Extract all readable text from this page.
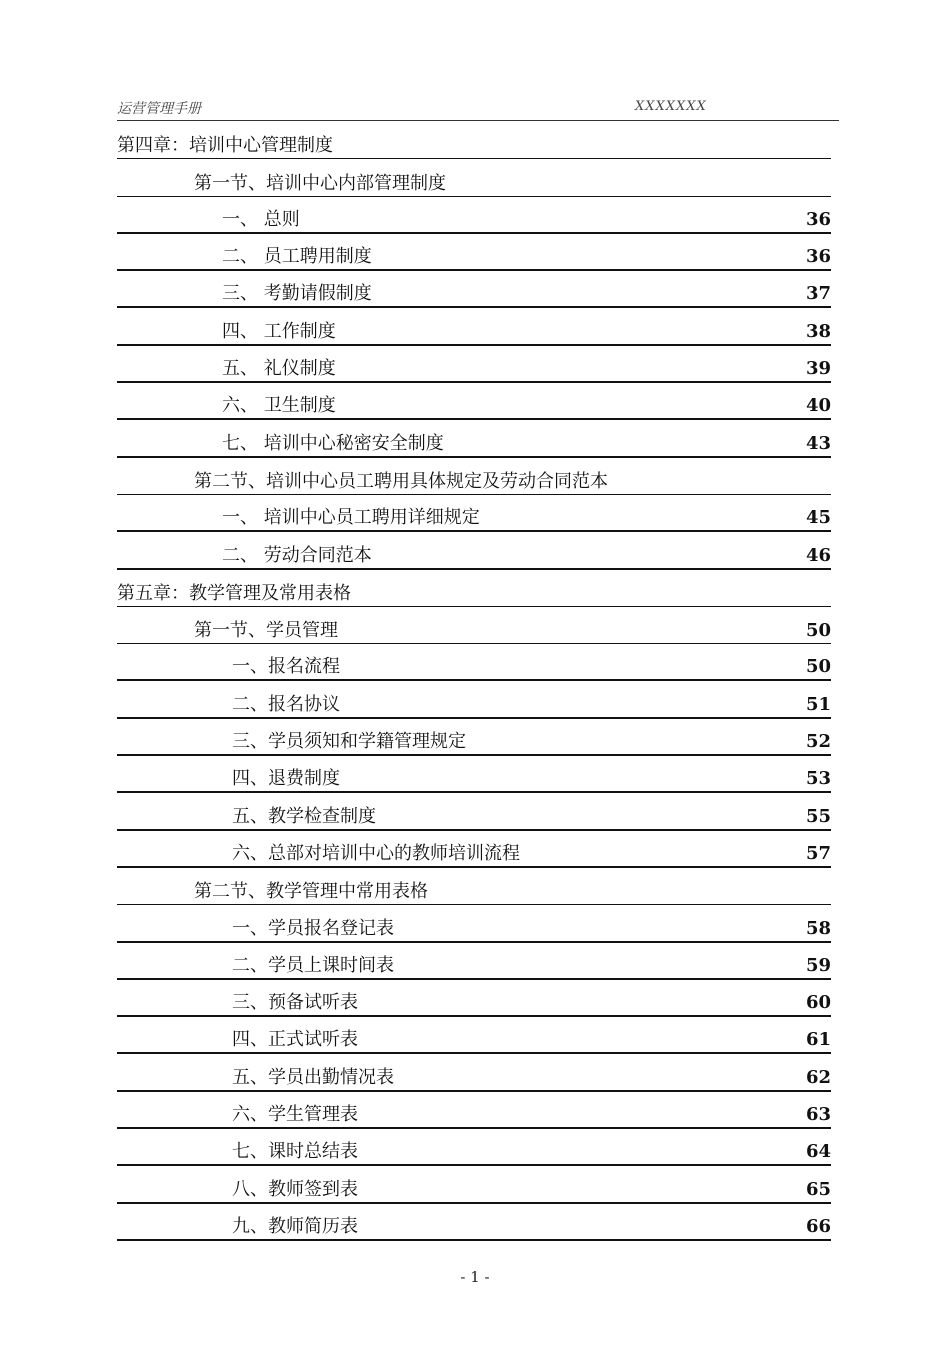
运营管理手册	XXXXXXX
第四章：培训中心管理制度
第一节、培训中心内部管理制度
一、 总则	36
二、 员工聘用制度	36
三、 考勤请假制度	37
四、 工作制度	38
五、 礼仪制度	39
六、 卫生制度	40
七、 培训中心秘密安全制度	43
第二节、培训中心员工聘用具体规定及劳动合同范本
一、 培训中心员工聘用详细规定	45
二、 劳动合同范本	46
第五章：教学管理及常用表格
第一节、学员管理	50
一、报名流程	50
二、报名协议	51
三、学员须知和学籍管理规定	52
四、退费制度	53
五、教学检查制度	55
六、总部对培训中心的教师培训流程	57
第二节、教学管理中常用表格
一、学员报名登记表	58
二、学员上课时间表	59
三、预备试听表	60
四、正式试听表	61
五、学员出勤情况表	62
六、学生管理表	63
七、课时总结表	64
八、教师签到表	65
九、教师简历表	66
- 1 -
